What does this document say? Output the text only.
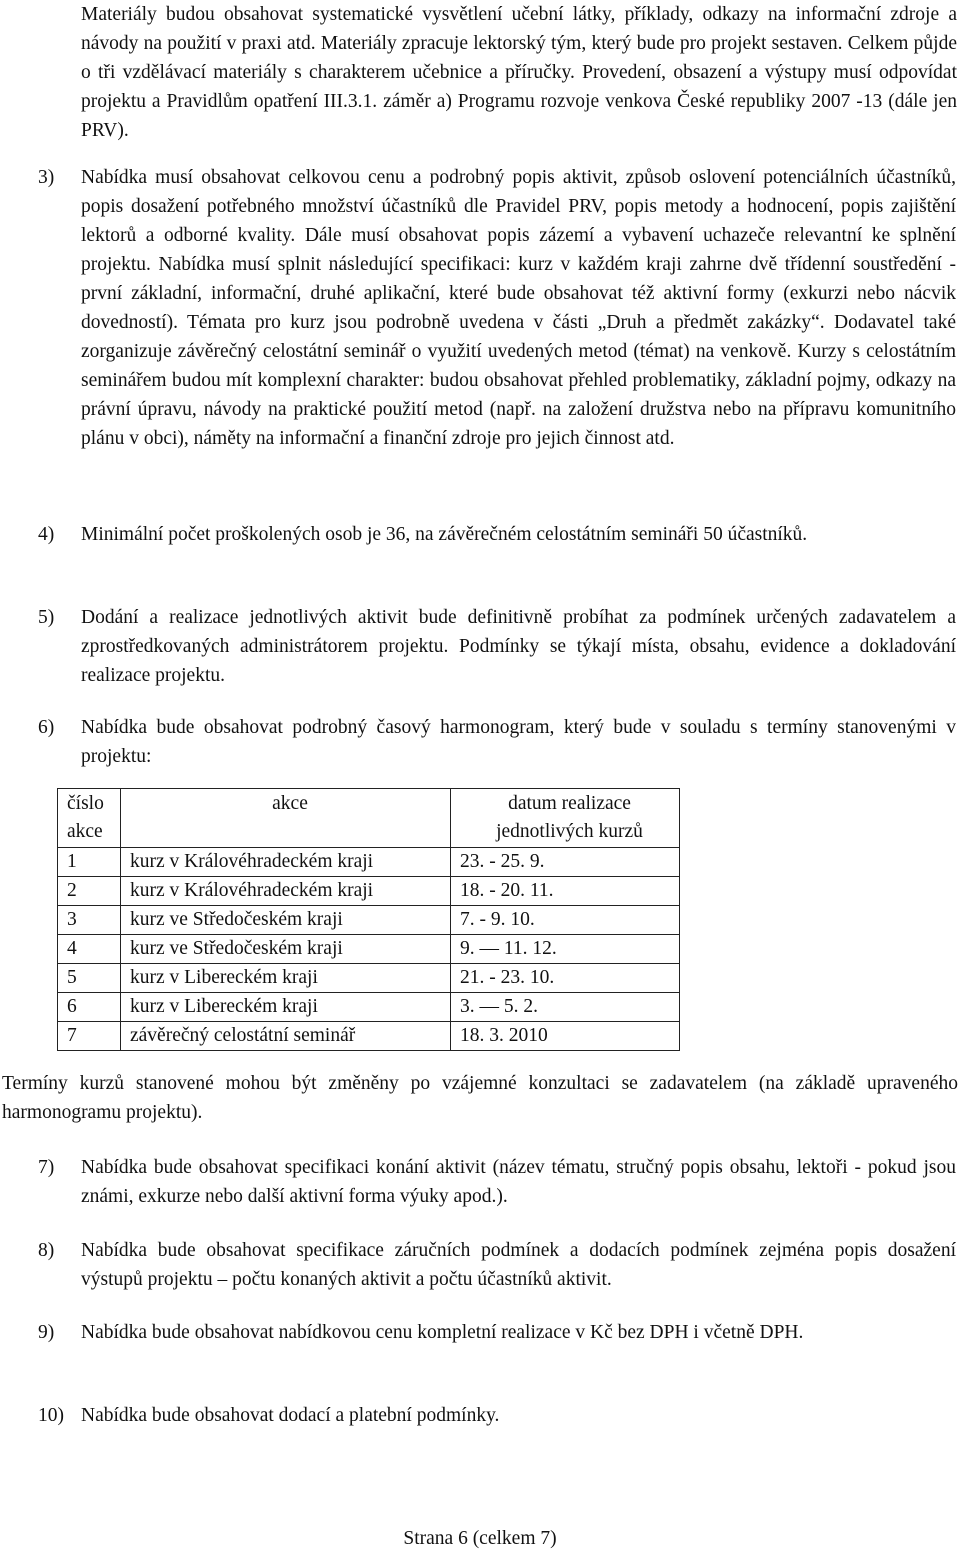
Materiály budou obsahovat systematické vysvětlení učební látky, příklady, odkazy na informační zdroje a návody na použití v praxi atd. Materiály zpracuje lektorský tým, který bude pro projekt sestaven. Celkem půjde o tři vzdělávací materiály s charakterem učebnice a příručky. Provedení, obsazení a výstupy musí odpovídat projektu a Pravidlům opatření III.3.1. záměr a) Programu rozvoje venkova České republiky 2007 -13 (dále jen PRV).

3) Nabídka musí obsahovat celkovou cenu a podrobný popis aktivit, způsob oslovení potenciálních účastníků, popis dosažení potřebného množství účastníků dle Pravidel PRV, popis metody a hodnocení, popis zajištění lektorů a odborné kvality. Dále musí obsahovat popis zázemí a vybavení uchazeče relevantní ke splnění projektu. Nabídka musí splnit následující specifikaci: kurz v každém kraji zahrne dvě třídenní soustředění - první základní, informační, druhé aplikační, které bude obsahovat též aktivní formy (exkurzi nebo nácvik dovedností). Témata pro kurz jsou podrobně uvedena v části „Druh a předmět zakázky“. Dodavatel také zorganizuje závěrečný celostátní seminář o využití uvedených metod (témat) na venkově. Kurzy s celostátním seminářem budou mít komplexní charakter: budou obsahovat přehled problematiky, základní pojmy, odkazy na právní úpravu, návody na praktické použití metod (např. na založení družstva nebo na přípravu komunitního plánu v obci), náměty na informační a finanční zdroje pro jejich činnost atd.

4) Minimální počet proškolených osob je 36, na závěrečném celostátním semináři 50 účastníků.

5) Dodání a realizace jednotlivých aktivit bude definitivně probíhat za podmínek určených zadavatelem a zprostředkovaných administrátorem projektu. Podmínky se týkají místa, obsahu, evidence a dokladování realizace projektu.

6) Nabídka bude obsahovat podrobný časový harmonogram, který bude v souladu s termíny stanovenými v projektu:

číslo akce	akce	datum realizace jednotlivých kurzů
1	kurz v Královéhradeckém kraji	23. - 25. 9.
2	kurz v Královéhradeckém kraji	18. - 20. 11.
3	kurz ve Středočeském kraji	7. - 9. 10.
4	kurz ve Středočeském kraji	9. — 11. 12.
5	kurz v Libereckém kraji	21. - 23. 10.
6	kurz v Libereckém kraji	3. — 5. 2.
7	závěrečný celostátní seminář	18. 3. 2010

Termíny kurzů stanovené mohou být změněny po vzájemné konzultaci se zadavatelem (na základě upraveného harmonogramu projektu).

7) Nabídka bude obsahovat specifikaci konání aktivit (název tématu, stručný popis obsahu, lektoři - pokud jsou známi, exkurze nebo další aktivní forma výuky apod.).

8) Nabídka bude obsahovat specifikace záručních podmínek a dodacích podmínek zejména popis dosažení výstupů projektu – počtu konaných aktivit a počtu účastníků aktivit.

9) Nabídka bude obsahovat nabídkovou cenu kompletní realizace v Kč bez DPH i včetně DPH.

10) Nabídka bude obsahovat dodací a platební podmínky.

Strana 6 (celkem 7)
